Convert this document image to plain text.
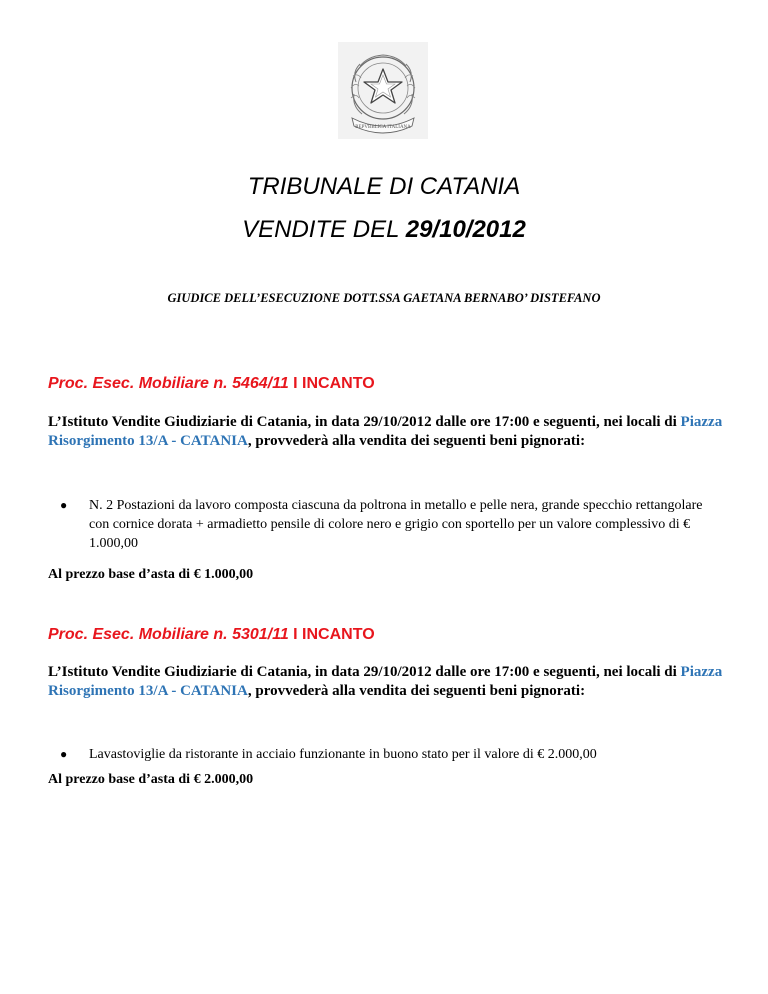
REPVBBLICA ITALIANA
TRIBUNALE DI CATANIA
VENDITE DEL 29/10/2012
GIUDICE DELL’ESECUZIONE DOTT.SSA GAETANA BERNABO’ DISTEFANO
Proc. Esec. Mobiliare n. 5464/11 I INCANTO
L’Istituto Vendite Giudiziarie di Catania, in data 29/10/2012 dalle ore 17:00 e seguenti, nei locali di Piazza Risorgimento 13/A - CATANIA, provvederà alla vendita dei seguenti beni pignorati:
● N. 2 Postazioni da lavoro composta ciascuna da poltrona in metallo e pelle nera, grande specchio rettangolare con cornice dorata + armadietto pensile di colore nero e grigio con sportello per un valore complessivo di € 1.000,00
Al prezzo base d’asta di € 1.000,00
Proc. Esec. Mobiliare n. 5301/11 I INCANTO
L’Istituto Vendite Giudiziarie di Catania, in data 29/10/2012 dalle ore 17:00 e seguenti, nei locali di Piazza Risorgimento 13/A - CATANIA, provvederà alla vendita dei seguenti beni pignorati:
● Lavastoviglie da ristorante in acciaio funzionante in buono stato per il valore di € 2.000,00
Al prezzo base d’asta di € 2.000,00
